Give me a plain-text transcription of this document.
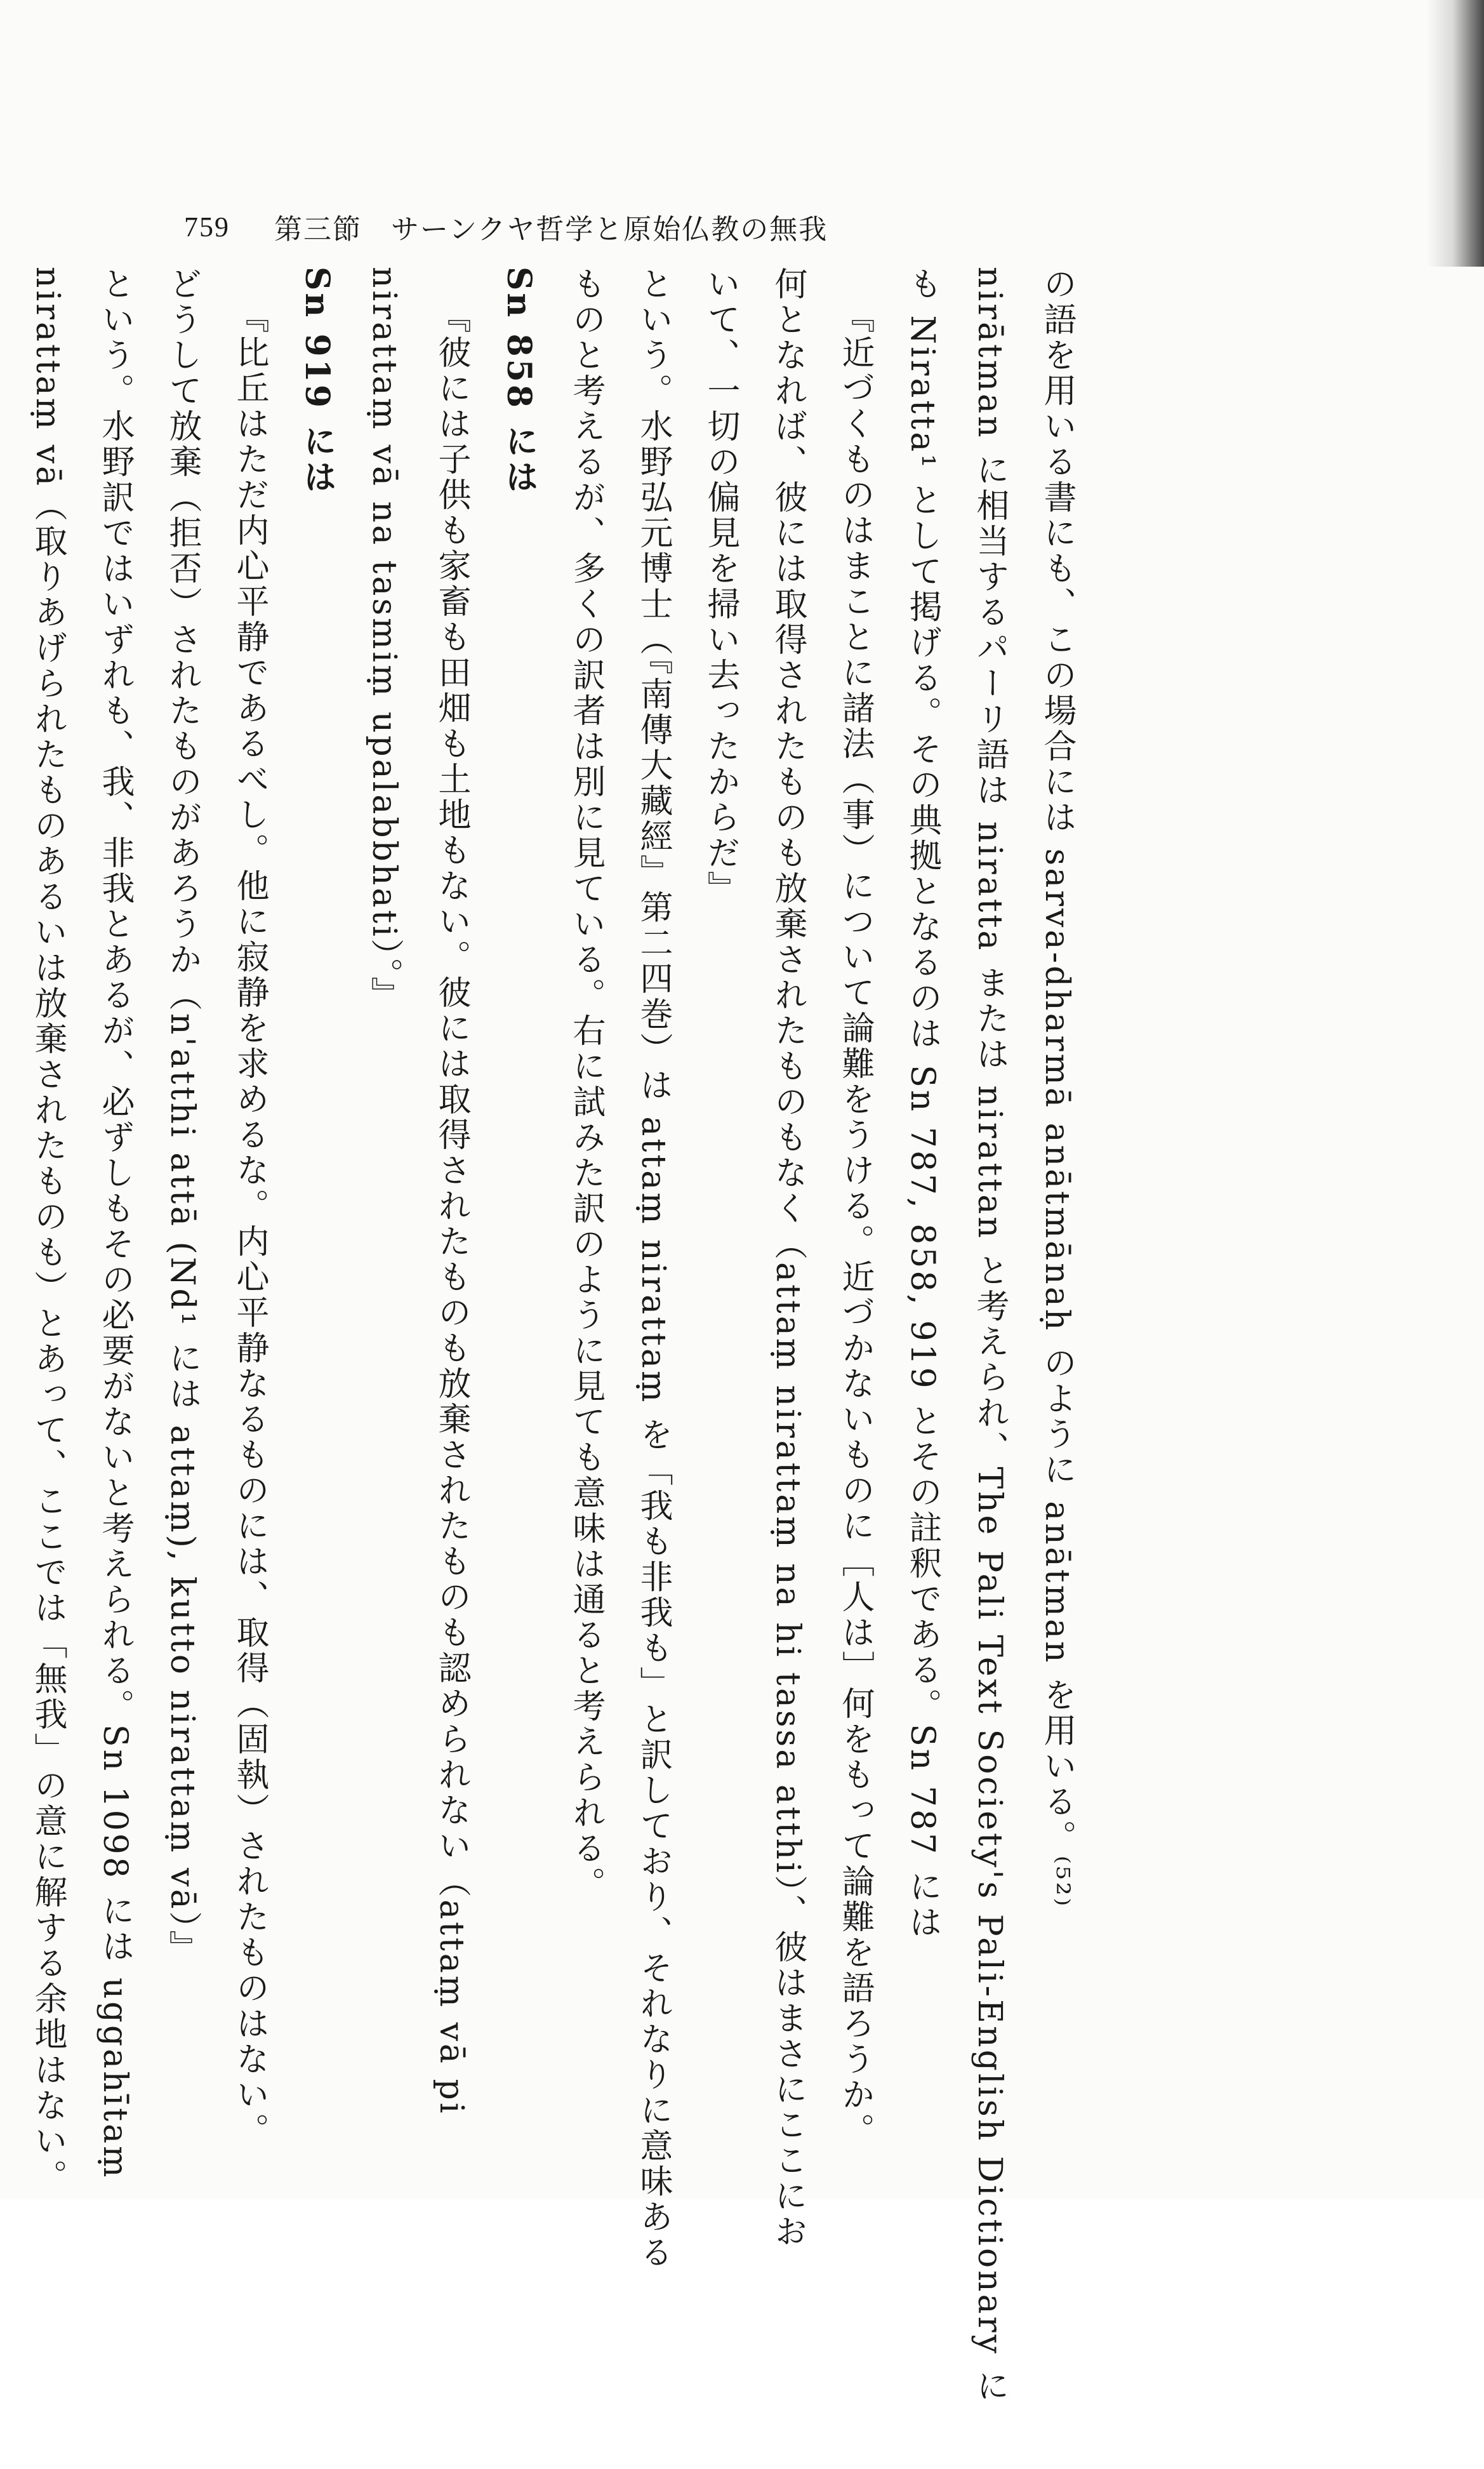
759 第三節　サーンクヤ哲学と原始仏教の無我
の語を用いる書にも、この場合には sarva-dharmā anātmānaḥ のように anātman を用いる。⁽⁵²⁾
nirātman に相当するパーリ語は niratta または nirattan と考えられ、The Pali Text Society's Pali-English Dictionary に
も Niratta¹ として掲げる。その典拠となるのは Sn 787, 858, 919 とその註釈である。Sn 787 には
『近づくものはまことに諸法（事）について論難をうける。近づかないものに［人は］何をもって論難を語ろうか。
何となれば、彼には取得されたものも放棄されたものもなく（attaṃ nirattaṃ na hi tassa atthi）、彼はまさにここにお
いて、一切の偏見を掃い去ったからだ』
という。水野弘元博士（『南傳大藏經』第二四巻）は attaṃ nirattaṃ を「我も非我も」と訳しており、それなりに意味ある
ものと考えるが、多くの訳者は別に見ている。右に試みた訳のように見ても意味は通ると考えられる。
Sn 858 には
『彼には子供も家畜も田畑も土地もない。彼には取得されたものも放棄されたものも認められない（attaṃ vā pi
nirattaṃ vā na tasmiṃ upalabbhati）。』
Sn 919 には
『比丘はただ内心平静であるべし。他に寂静を求めるな。内心平静なるものには、取得（固執）されたものはない。
どうして放棄（拒否）されたものがあろうか（n'atthi attā (Nd¹ には attaṃ), kutto nirattaṃ vā）』
という。水野訳ではいずれも、我、非我とあるが、必ずしもその必要がないと考えられる。Sn 1098 には uggahītaṃ
nirattaṃ vā（取りあげられたものあるいは放棄されたものも）とあって、ここでは「無我」の意に解する余地はない。
